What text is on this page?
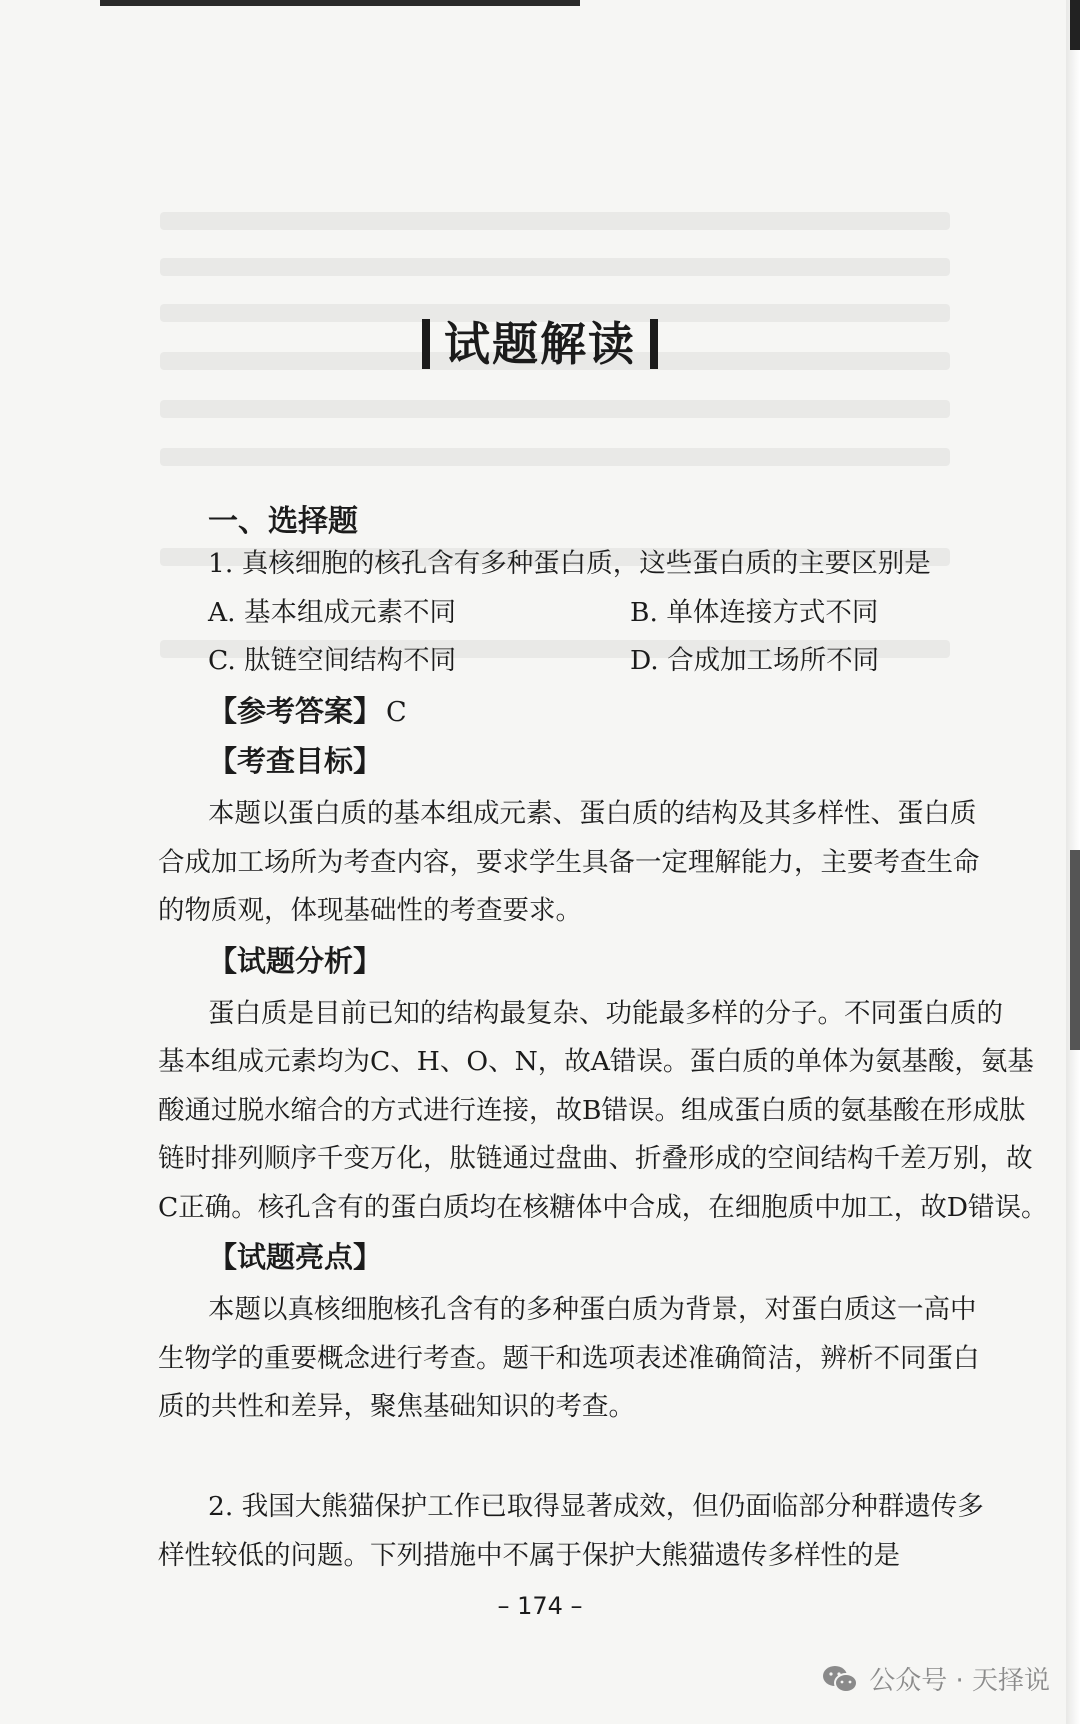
试题解读
一、选择题
1. 真核细胞的核孔含有多种蛋白质，这些蛋白质的主要区别是
A. 基本组成元素不同	B. 单体连接方式不同
C. 肽链空间结构不同	D. 合成加工场所不同
【参考答案】 C
【考查目标】
本题以蛋白质的基本组成元素、蛋白质的结构及其多样性、蛋白质
合成加工场所为考查内容，要求学生具备一定理解能力，主要考查生命
的物质观，体现基础性的考查要求。
【试题分析】
蛋白质是目前已知的结构最复杂、功能最多样的分子。不同蛋白质的
基本组成元素均为C、H、O、N，故A错误。蛋白质的单体为氨基酸，氨基
酸通过脱水缩合的方式进行连接，故B错误。组成蛋白质的氨基酸在形成肽
链时排列顺序千变万化，肽链通过盘曲、折叠形成的空间结构千差万别，故
C正确。核孔含有的蛋白质均在核糖体中合成，在细胞质中加工，故D错误。
【试题亮点】
本题以真核细胞核孔含有的多种蛋白质为背景，对蛋白质这一高中
生物学的重要概念进行考查。题干和选项表述准确简洁，辨析不同蛋白
质的共性和差异，聚焦基础知识的考查。
2. 我国大熊猫保护工作已取得显著成效，但仍面临部分种群遗传多
样性较低的问题。下列措施中不属于保护大熊猫遗传多样性的是
– 174 –
公众号 · 天择说
